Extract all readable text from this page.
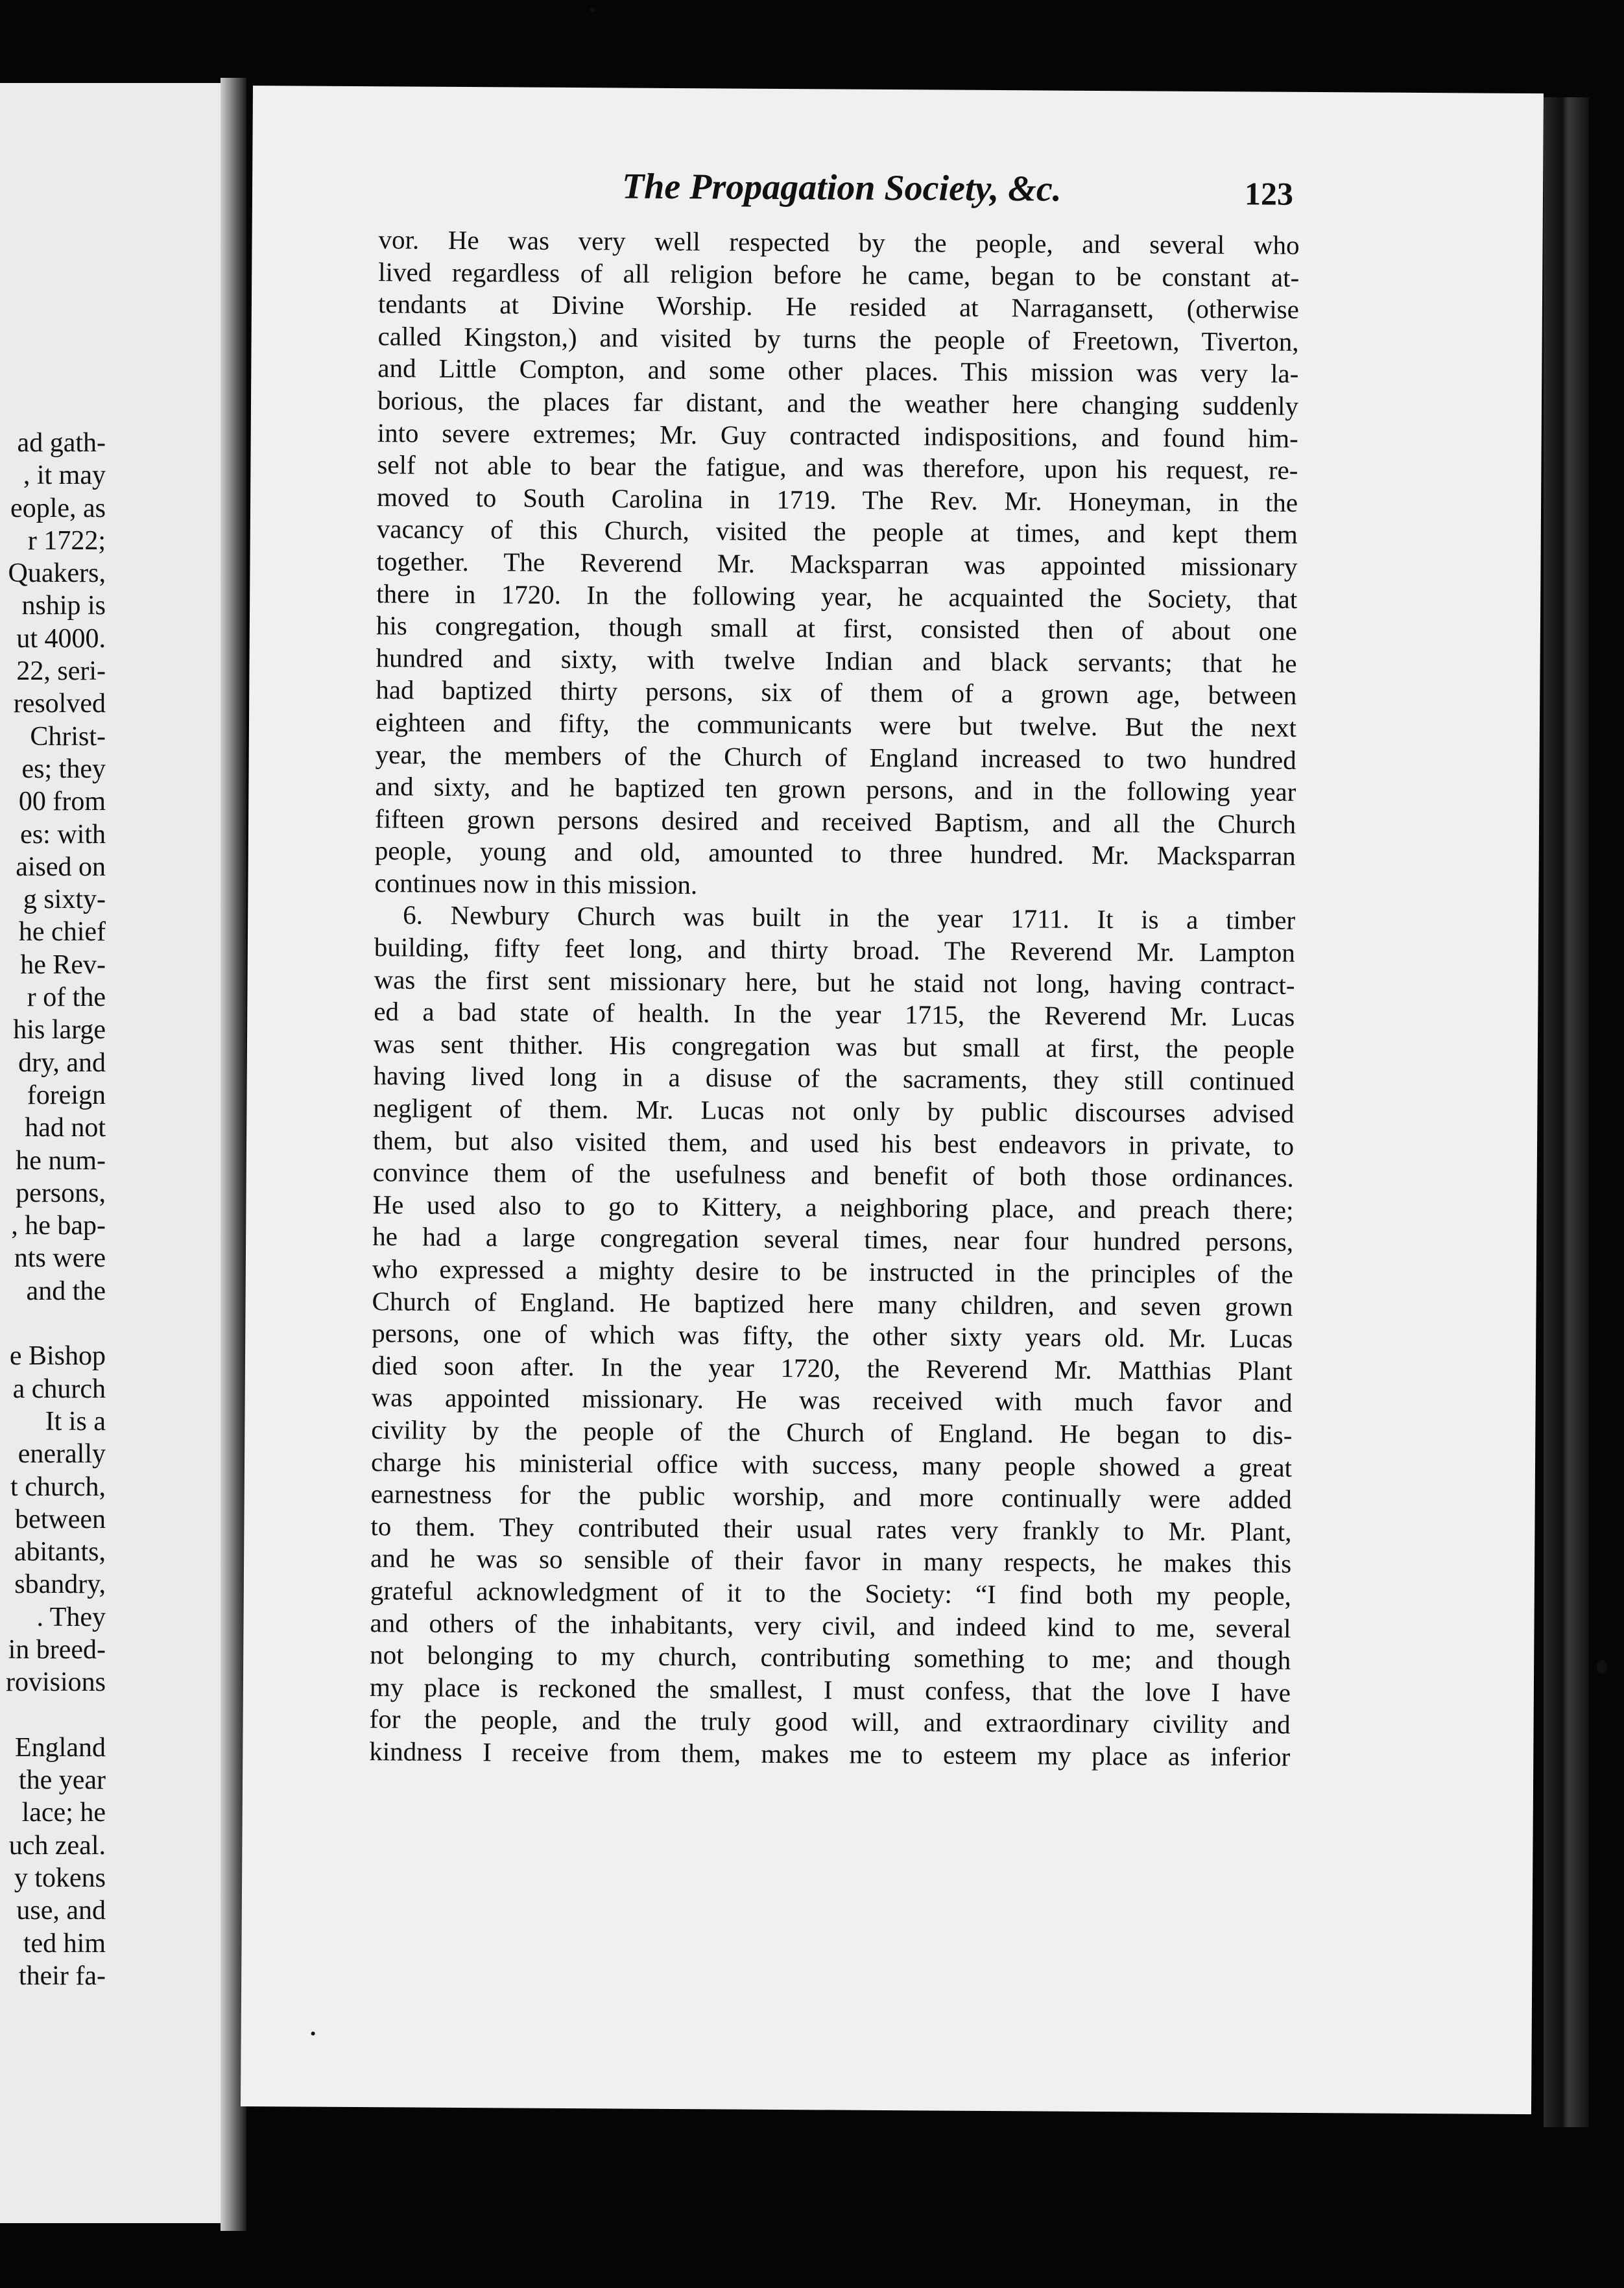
ad gath-
, it may
eople, as
r 1722;
Quakers,
nship is
ut 4000.
22, seri-
resolved
Christ-
es; they
00 from
es: with
aised on
g sixty-
he chief
he Rev-
r of the
his large
dry, and
foreign
had not
he num-
persons,
, he bap-
nts were
and the
e Bishop
a church
It is a
enerally
t church,
between
abitants,
sbandry,
. They
in breed-
rovisions
England
the year
lace; he
uch zeal.
y tokens
use, and
ted him
their fa-
The Propagation Society, &c.	123
vor. He was very well respected by the people, and several who
lived regardless of all religion before he came, began to be constant at-
tendants at Divine Worship. He resided at Narragansett, (otherwise
called Kingston,) and visited by turns the people of Freetown, Tiverton,
and Little Compton, and some other places. This mission was very la-
borious, the places far distant, and the weather here changing suddenly
into severe extremes; Mr. Guy contracted indispositions, and found him-
self not able to bear the fatigue, and was therefore, upon his request, re-
moved to South Carolina in 1719. The Rev. Mr. Honeyman, in the
vacancy of this Church, visited the people at times, and kept them
together. The Reverend Mr. Macksparran was appointed missionary
there in 1720. In the following year, he acquainted the Society, that
his congregation, though small at first, consisted then of about one
hundred and sixty, with twelve Indian and black servants; that he
had baptized thirty persons, six of them of a grown age, between
eighteen and fifty, the communicants were but twelve. But the next
year, the members of the Church of England increased to two hundred
and sixty, and he baptized ten grown persons, and in the following year
fifteen grown persons desired and received Baptism, and all the Church
people, young and old, amounted to three hundred. Mr. Macksparran
continues now in this mission.
6. Newbury Church was built in the year 1711. It is a timber
building, fifty feet long, and thirty broad. The Reverend Mr. Lampton
was the first sent missionary here, but he staid not long, having contract-
ed a bad state of health. In the year 1715, the Reverend Mr. Lucas
was sent thither. His congregation was but small at first, the people
having lived long in a disuse of the sacraments, they still continued
negligent of them. Mr. Lucas not only by public discourses advised
them, but also visited them, and used his best endeavors in private, to
convince them of the usefulness and benefit of both those ordinances.
He used also to go to Kittery, a neighboring place, and preach there;
he had a large congregation several times, near four hundred persons,
who expressed a mighty desire to be instructed in the principles of the
Church of England. He baptized here many children, and seven grown
persons, one of which was fifty, the other sixty years old. Mr. Lucas
died soon after. In the year 1720, the Reverend Mr. Matthias Plant
was appointed missionary. He was received with much favor and
civility by the people of the Church of England. He began to dis-
charge his ministerial office with success, many people showed a great
earnestness for the public worship, and more continually were added
to them. They contributed their usual rates very frankly to Mr. Plant,
and he was so sensible of their favor in many respects, he makes this
grateful acknowledgment of it to the Society: “I find both my people,
and others of the inhabitants, very civil, and indeed kind to me, several
not belonging to my church, contributing something to me; and though
my place is reckoned the smallest, I must confess, that the love I have
for the people, and the truly good will, and extraordinary civility and
kindness I receive from them, makes me to esteem my place as inferior
